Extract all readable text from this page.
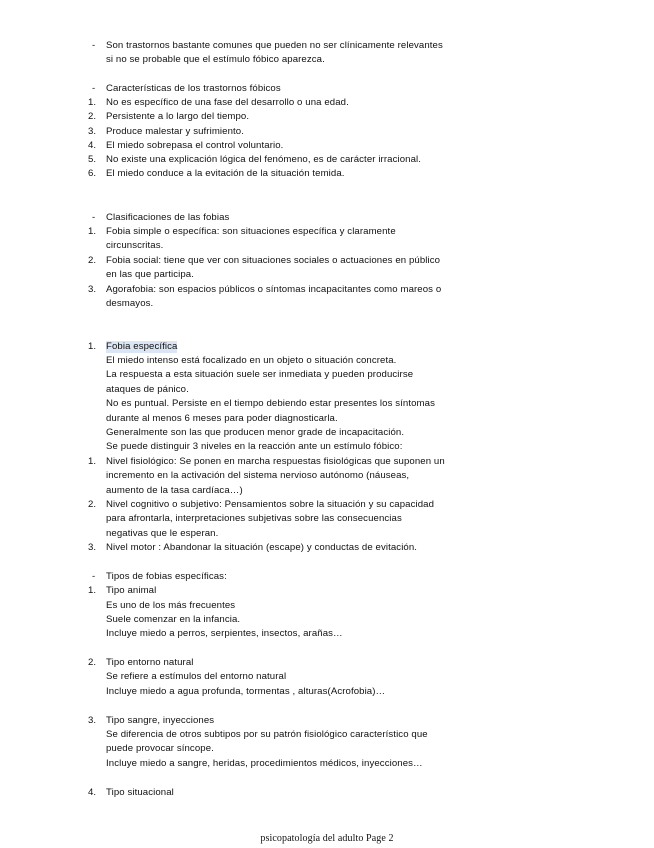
- Son trastornos bastante comunes que pueden no ser clínicamente relevantes
si no se probable que el estímulo fóbico aparezca.
- Características de los trastornos fóbicos
1. No es específico de una fase del desarrollo o una edad.
2. Persistente a lo largo del tiempo.
3. Produce malestar y sufrimiento.
4. El miedo sobrepasa el control voluntario.
5. No existe una explicación lógica del fenómeno, es de carácter irracional.
6. El miedo conduce a la evitación de la situación temida.
- Clasificaciones de las fobias
1. Fobia simple o específica: son situaciones específica y claramente
circunscritas.
2. Fobia social: tiene que ver con situaciones sociales o actuaciones en público
en las que participa.
3. Agorafobia: son espacios públicos o síntomas incapacitantes como mareos o
desmayos.
1. Fobia específica
El miedo intenso está focalizado en un objeto o situación concreta.
La respuesta a esta situación suele ser inmediata y pueden producirse
ataques de pánico.
No es puntual. Persiste en el tiempo debiendo estar presentes los síntomas
durante al menos 6 meses para poder diagnosticarla.
Generalmente son las que producen menor grade de incapacitación.
Se puede distinguir 3 niveles en la reacción ante un estímulo fóbico:
1. Nivel fisiológico: Se ponen en marcha respuestas fisiológicas que suponen un
incremento en la activación del sistema nervioso autónomo (náuseas,
aumento de la tasa cardíaca…)
2. Nivel cognitivo o subjetivo: Pensamientos sobre la situación y su capacidad
para afrontarla, interpretaciones subjetivas sobre las consecuencias
negativas que le esperan.
3. Nivel motor : Abandonar la situación (escape) y conductas de evitación.
- Tipos de fobias específicas:
1. Tipo animal
Es uno de los más frecuentes
Suele comenzar en la infancia.
Incluye miedo a perros, serpientes, insectos, arañas…
2. Tipo entorno natural
Se refiere a estímulos del entorno natural
Incluye miedo a agua profunda, tormentas , alturas(Acrofobia)…
3. Tipo sangre, inyecciones
Se diferencia de otros subtipos por su patrón fisiológico característico que
puede provocar síncope.
Incluye miedo a sangre, heridas, procedimientos médicos, inyecciones…
4. Tipo situacional
psicopatología del adulto Page 2
